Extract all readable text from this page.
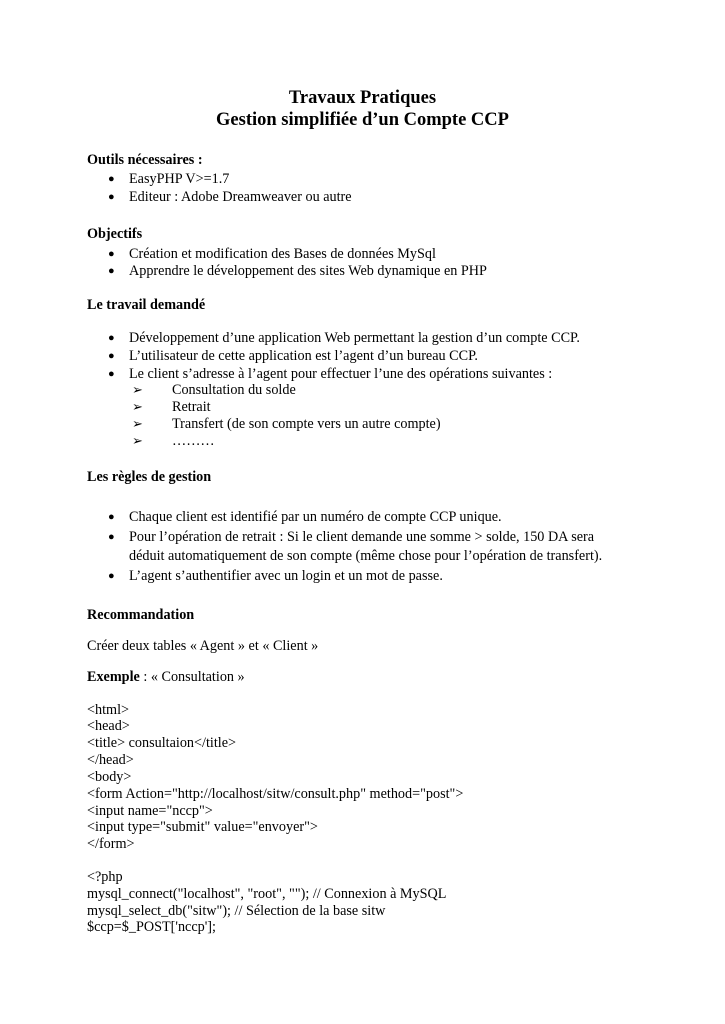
Travaux Pratiques
Gestion simplifiée d’un Compte CCP
Outils nécessaires :
● EasyPHP V>=1.7
● Editeur : Adobe Dreamweaver ou autre
Objectifs
● Création et modification des Bases de données MySql
● Apprendre le développement des sites Web dynamique en PHP
Le travail demandé
● Développement d’une application Web permettant la gestion d’un compte CCP.
● L’utilisateur de cette application est l’agent d’un bureau CCP.
● Le client s’adresse à l’agent pour effectuer l’une des opérations suivantes :
➢ Consultation du solde
➢ Retrait
➢ Transfert (de son compte vers un autre compte)
➢ ………
Les règles de gestion
● Chaque client est identifié par un numéro de compte CCP unique.
● Pour l’opération de retrait : Si le client demande une somme > solde, 150 DA sera
déduit automatiquement de son compte (même chose pour l’opération de transfert).
● L’agent s’authentifier avec un login et un mot de passe.
Recommandation
Créer deux tables « Agent » et « Client »
Exemple : « Consultation »
<html>
<head>
<title> consultaion</title>
</head>
<body>
<form Action="http://localhost/sitw/consult.php" method="post">
<input name="nccp">
<input type="submit" value="envoyer">
</form>
<?php
mysql_connect("localhost", "root", ""); // Connexion à MySQL
mysql_select_db("sitw"); // Sélection de la base sitw
$ccp=$_POST['nccp'];
